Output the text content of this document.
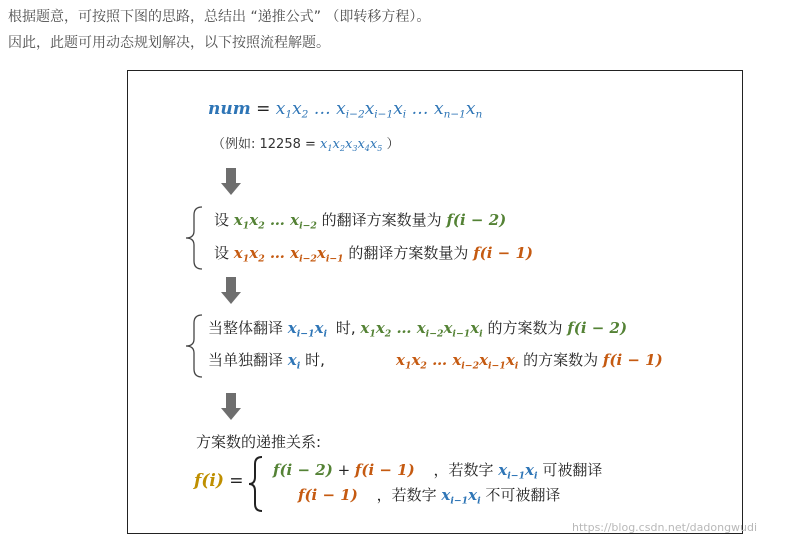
根据题意，可按照下图的思路，总结出 “递推公式” （即转移方程）。
因此，此题可用动态规划解决，以下按照流程解题。
num = $x_1x_2$ … $x_{i-2}x_{i-1}x_i$ … $x_{n-1}x_n$
（例如: $12258 = x_1x_2x_3x_4x_5$ ）
设 $x_1x_2$ … $x_{i-2}$ 的翻译方案数量为 f(i − 2)
设 $x_1x_2$ … $x_{i-2}x_{i-1}$ 的翻译方案数量为 f(i − 1)
当整体翻译 $x_{i-1}x_i$ 时, $x_1x_2$ … $x_{i-2}x_{i-1}x_i$ 的方案数为 f(i − 2)
当单独翻译 $x_i$ 时,	$x_1x_2$ … $x_{i-2}x_{i-1}x_i$ 的方案数为 f(i − 1)
方案数的递推关系:
f(i) =
f(i − 2) + f(i − 1) ，若数字 $x_{i-1}x_i$ 可被翻译
f(i − 1) ，若数字 $x_{i-1}x_i$ 不可被翻译
https://blog.csdn.net/dadongwudi
